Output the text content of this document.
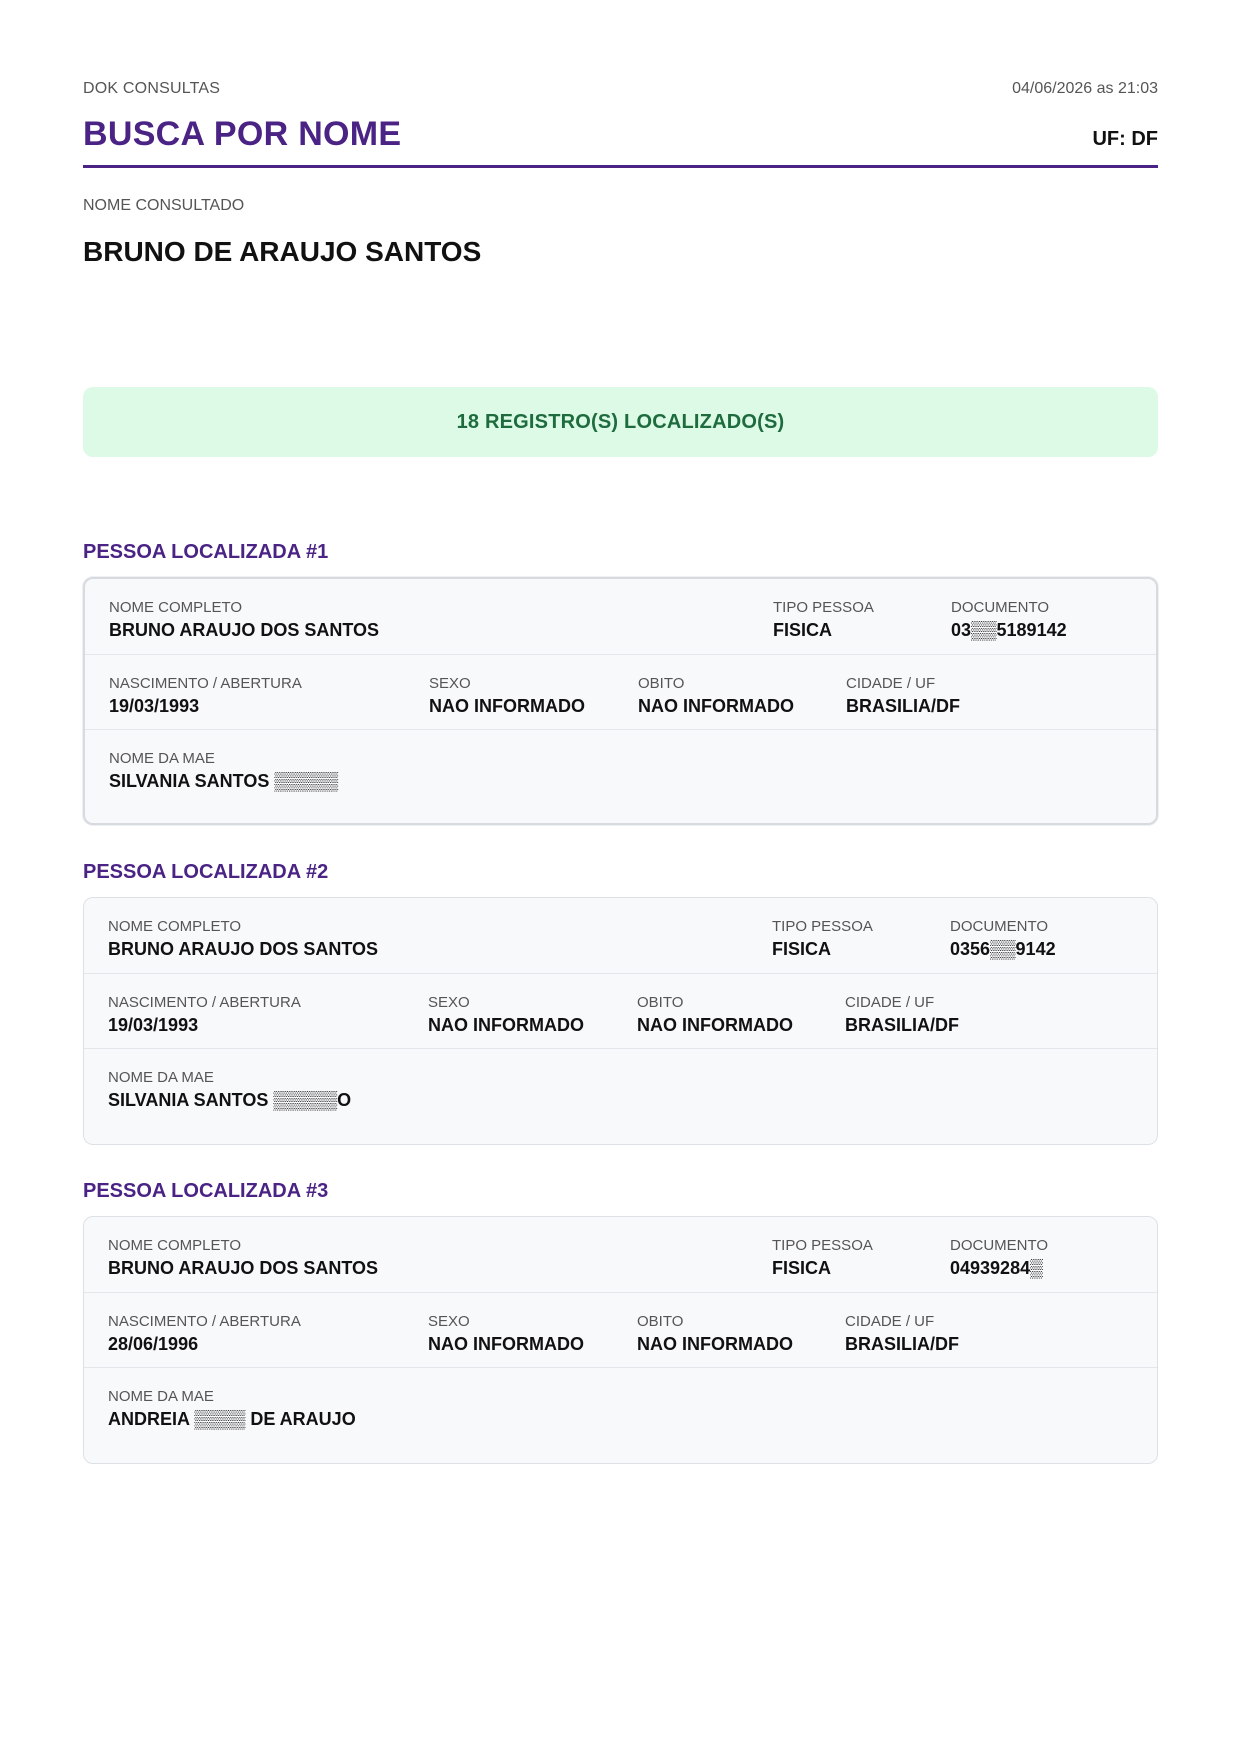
DOK CONSULTAS	04/06/2026 as 21:03
BUSCA POR NOME	UF: DF
NOME CONSULTADO
BRUNO DE ARAUJO SANTOS
18 REGISTRO(S) LOCALIZADO(S)
PESSOA LOCALIZADA #1
NOME COMPLETO
BRUNO ARAUJO DOS SANTOS
TIPO PESSOA
FISICA
DOCUMENTO
03▒▒5189142
NASCIMENTO / ABERTURA
19/03/1993
SEXO
NAO INFORMADO
OBITO
NAO INFORMADO
CIDADE / UF
BRASILIA/DF
NOME DA MAE
SILVANIA SANTOS ▒▒▒▒▒
PESSOA LOCALIZADA #2
NOME COMPLETO
BRUNO ARAUJO DOS SANTOS
TIPO PESSOA
FISICA
DOCUMENTO
0356▒▒9142
NASCIMENTO / ABERTURA
19/03/1993
SEXO
NAO INFORMADO
OBITO
NAO INFORMADO
CIDADE / UF
BRASILIA/DF
NOME DA MAE
SILVANIA SANTOS ▒▒▒▒▒O
PESSOA LOCALIZADA #3
NOME COMPLETO
BRUNO ARAUJO DOS SANTOS
TIPO PESSOA
FISICA
DOCUMENTO
04939284▒
NASCIMENTO / ABERTURA
28/06/1996
SEXO
NAO INFORMADO
OBITO
NAO INFORMADO
CIDADE / UF
BRASILIA/DF
NOME DA MAE
ANDREIA ▒▒▒▒ DE ARAUJO
